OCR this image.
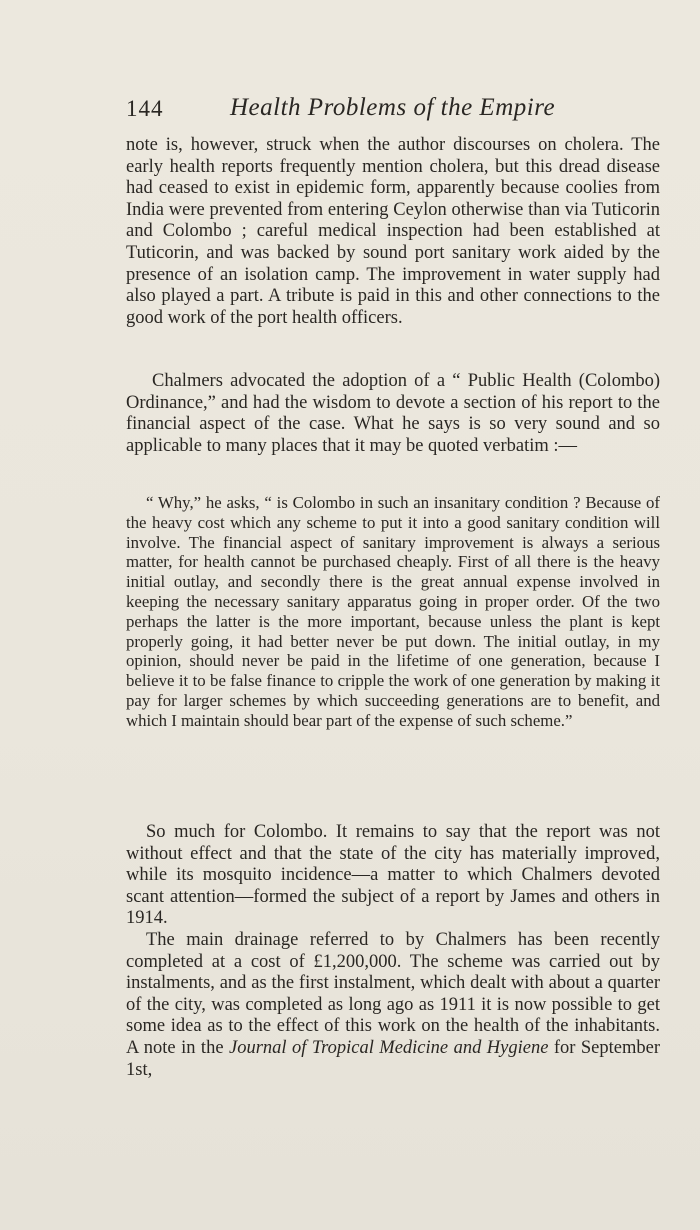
144	Health Problems of the Empire

note is, however, struck when the author discourses on cholera. The early health reports frequently mention cholera, but this dread disease had ceased to exist in epidemic form, apparently because coolies from India were prevented from entering Ceylon otherwise than via Tuticorin and Colombo ; careful medical inspection had been established at Tuticorin, and was backed by sound port sanitary work aided by the presence of an isolation camp. The improvement in water supply had also played a part. A tribute is paid in this and other connections to the good work of the port health officers.

Chalmers advocated the adoption of a “ Public Health (Colombo) Ordinance,” and had the wisdom to devote a section of his report to the financial aspect of the case. What he says is so very sound and so applicable to many places that it may be quoted verbatim :—

“ Why,” he asks, “ is Colombo in such an insanitary condition ? Because of the heavy cost which any scheme to put it into a good sanitary condition will involve. The financial aspect of sanitary improvement is always a serious matter, for health cannot be purchased cheaply. First of all there is the heavy initial outlay, and secondly there is the great annual expense involved in keeping the necessary sanitary apparatus going in proper order. Of the two perhaps the latter is the more important, because unless the plant is kept properly going, it had better never be put down. The initial outlay, in my opinion, should never be paid in the lifetime of one generation, because I believe it to be false finance to cripple the work of one generation by making it pay for larger schemes by which succeeding generations are to benefit, and which I maintain should bear part of the expense of such scheme.”

So much for Colombo. It remains to say that the report was not without effect and that the state of the city has materially improved, while its mosquito incidence—a matter to which Chalmers devoted scant attention—formed the subject of a report by James and others in 1914.

The main drainage referred to by Chalmers has been recently completed at a cost of £1,200,000. The scheme was carried out by instalments, and as the first instalment, which dealt with about a quarter of the city, was completed as long ago as 1911 it is now possible to get some idea as to the effect of this work on the health of the inhabitants. A note in the Journal of Tropical Medicine and Hygiene for September 1st,
